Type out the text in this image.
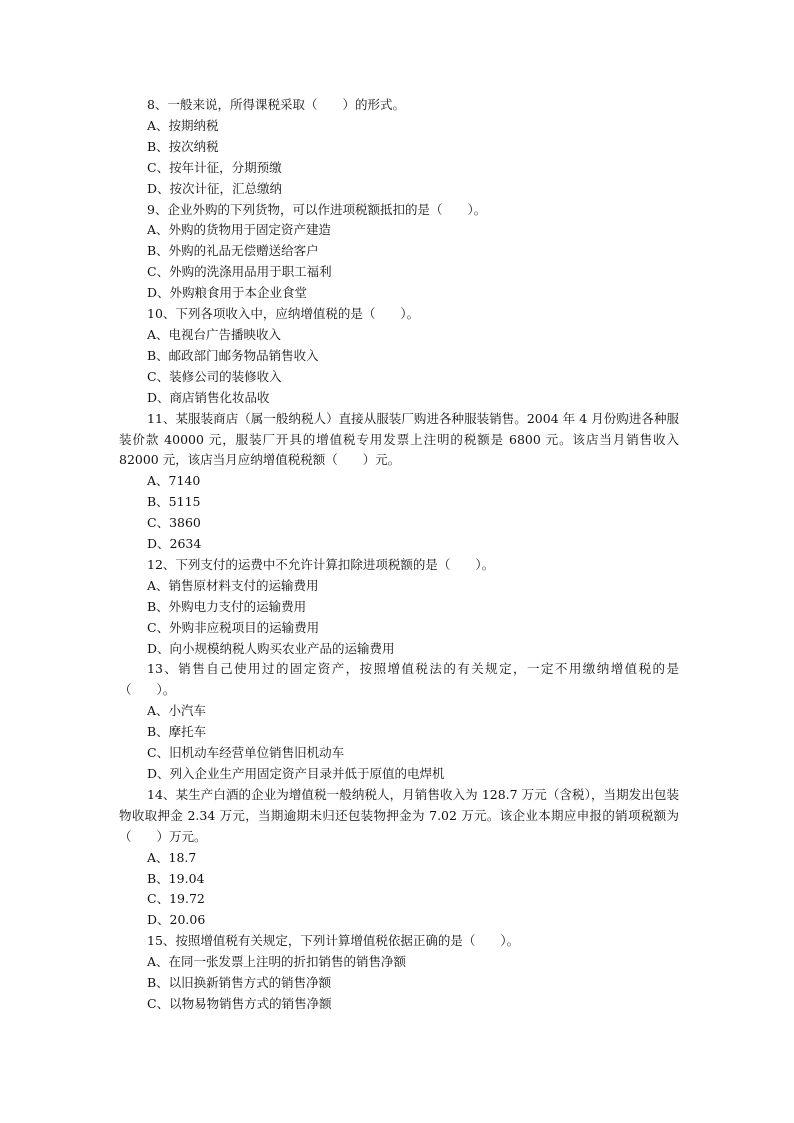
8、一般来说，所得课税采取（　　）的形式。

A、按期纳税

B、按次纳税

C、按年计征，分期预缴

D、按次计征，汇总缴纳

9、企业外购的下列货物，可以作进项税额抵扣的是（　　）。

A、外购的货物用于固定资产建造

B、外购的礼品无偿赠送给客户

C、外购的洗涤用品用于职工福利

D、外购粮食用于本企业食堂

10、下列各项收入中，应纳增值税的是（　　）。

A、电视台广告播映收入

B、邮政部门邮务物品销售收入

C、装修公司的装修收入

D、商店销售化妆品收

11、某服装商店（属一般纳税人）直接从服装厂购进各种服装销售。2004 年 4 月份购进各种服装价款 40000 元，服装厂开具的增值税专用发票上注明的税额是 6800 元。该店当月销售收入 82000 元，该店当月应纳增值税税额（　　）元。

A、7140

B、5115

C、3860

D、2634

12、下列支付的运费中不允许计算扣除进项税额的是（　　）。

A、销售原材料支付的运输费用

B、外购电力支付的运输费用

C、外购非应税项目的运输费用

D、向小规模纳税人购买农业产品的运输费用

13、销售自己使用过的固定资产，按照增值税法的有关规定，一定不用缴纳增值税的是（　　）。

A、小汽车

B、摩托车

C、旧机动车经营单位销售旧机动车

D、列入企业生产用固定资产目录并低于原值的电焊机

14、某生产白酒的企业为增值税一般纳税人，月销售收入为 128.7 万元（含税），当期发出包装物收取押金 2.34 万元，当期逾期未归还包装物押金为 7.02 万元。该企业本期应申报的销项税额为（　　）万元。

A、18.7

B、19.04

C、19.72

D、20.06

15、按照增值税有关规定，下列计算增值税依据正确的是（　　）。

A、在同一张发票上注明的折扣销售的销售净额

B、以旧换新销售方式的销售净额

C、以物易物销售方式的销售净额
